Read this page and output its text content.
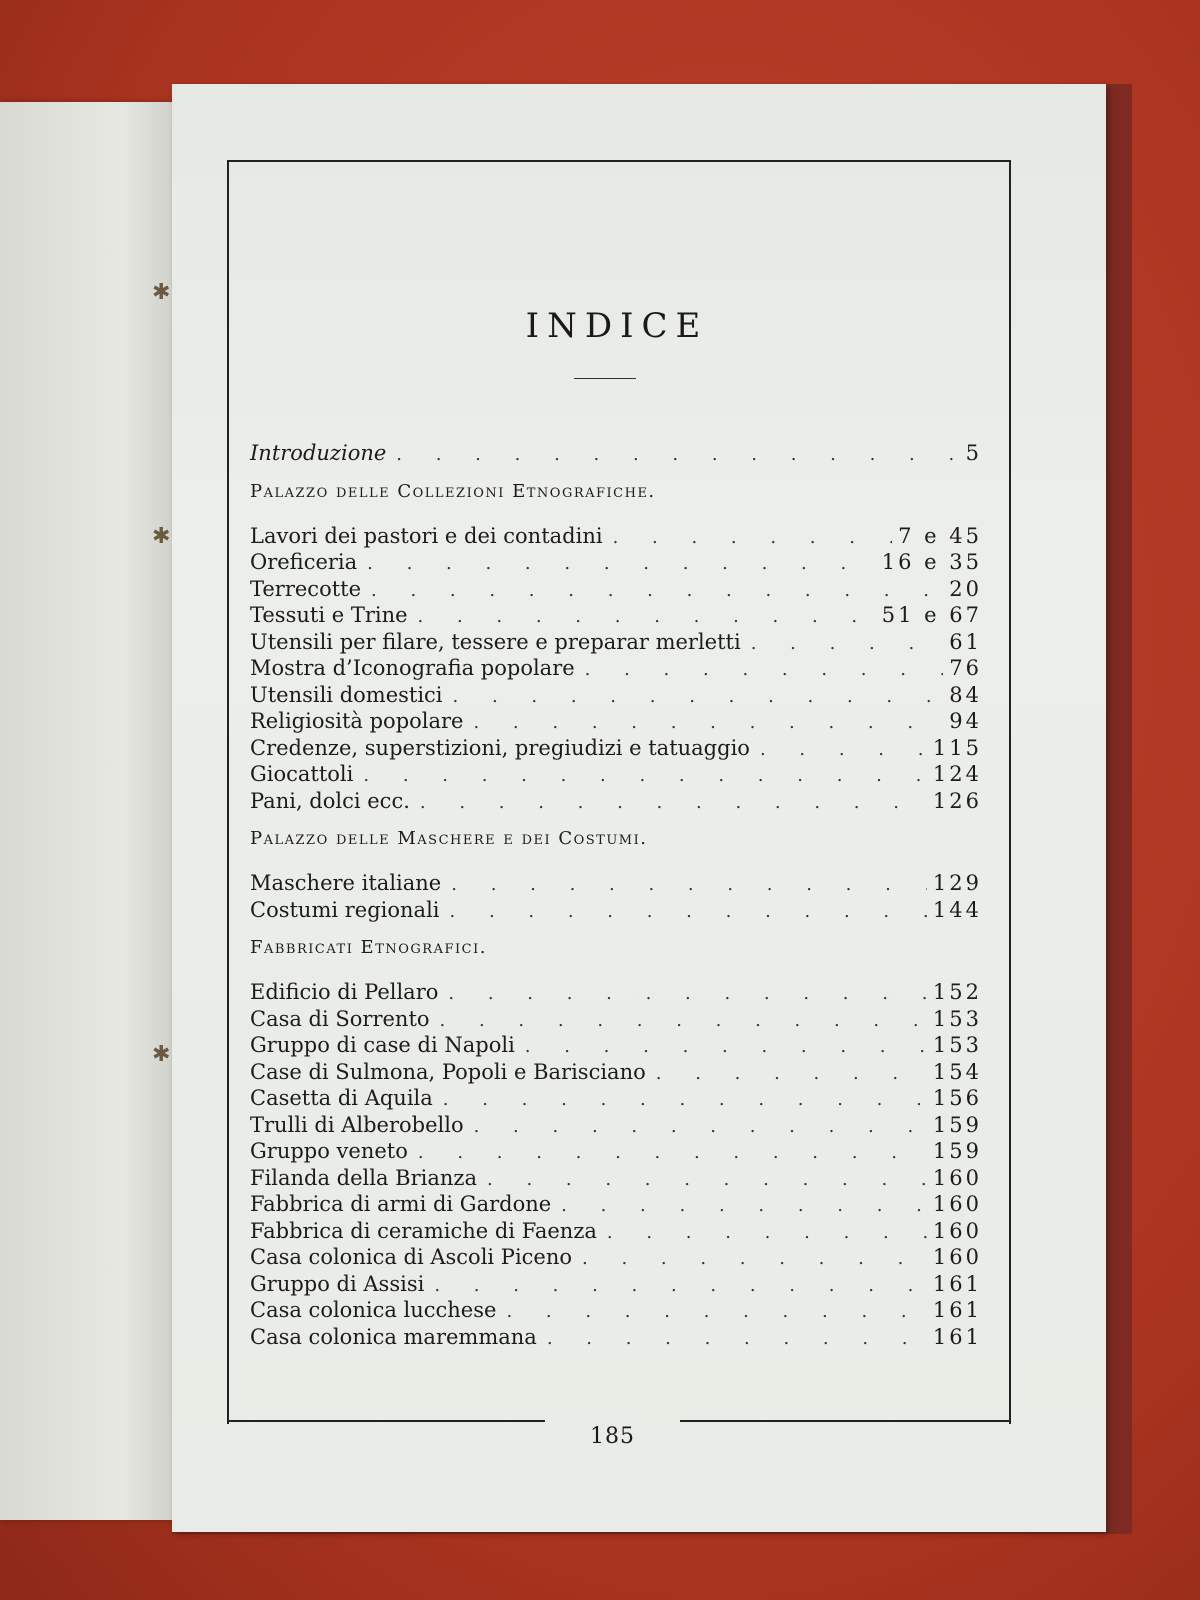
✱
✱
✱
185
INDICE
Introduzione . . .	5
Palazzo delle Collezioni Etnografiche.
Lavori dei pastori e dei contadini . . .	7 e 45
Oreficeria . . .	16 e 35
Terrecotte . . .	20
Tessuti e Trine . . .	51 e 67
Utensili per filare, tessere e preparar merletti . . .	61
Mostra d’Iconografia popolare . . .	76
Utensili domestici . . .	84
Religiosità popolare . . .	94
Credenze, superstizioni, pregiudizi e tatuaggio . . .	115
Giocattoli . . .	124
Pani, dolci ecc. . . .	126
Palazzo delle Maschere e dei Costumi.
Maschere italiane . . .	129
Costumi regionali . . .	144
Fabbricati Etnografici.
Edificio di Pellaro . . .	152
Casa di Sorrento . . .	153
Gruppo di case di Napoli . . .	153
Case di Sulmona, Popoli e Barisciano . . .	154
Casetta di Aquila . . .	156
Trulli di Alberobello . . .	159
Gruppo veneto . . .	159
Filanda della Brianza . . .	160
Fabbrica di armi di Gardone . . .	160
Fabbrica di ceramiche di Faenza . . .	160
Casa colonica di Ascoli Piceno . . .	160
Gruppo di Assisi . . .	161
Casa colonica lucchese . . .	161
Casa colonica maremmana . . .	161
